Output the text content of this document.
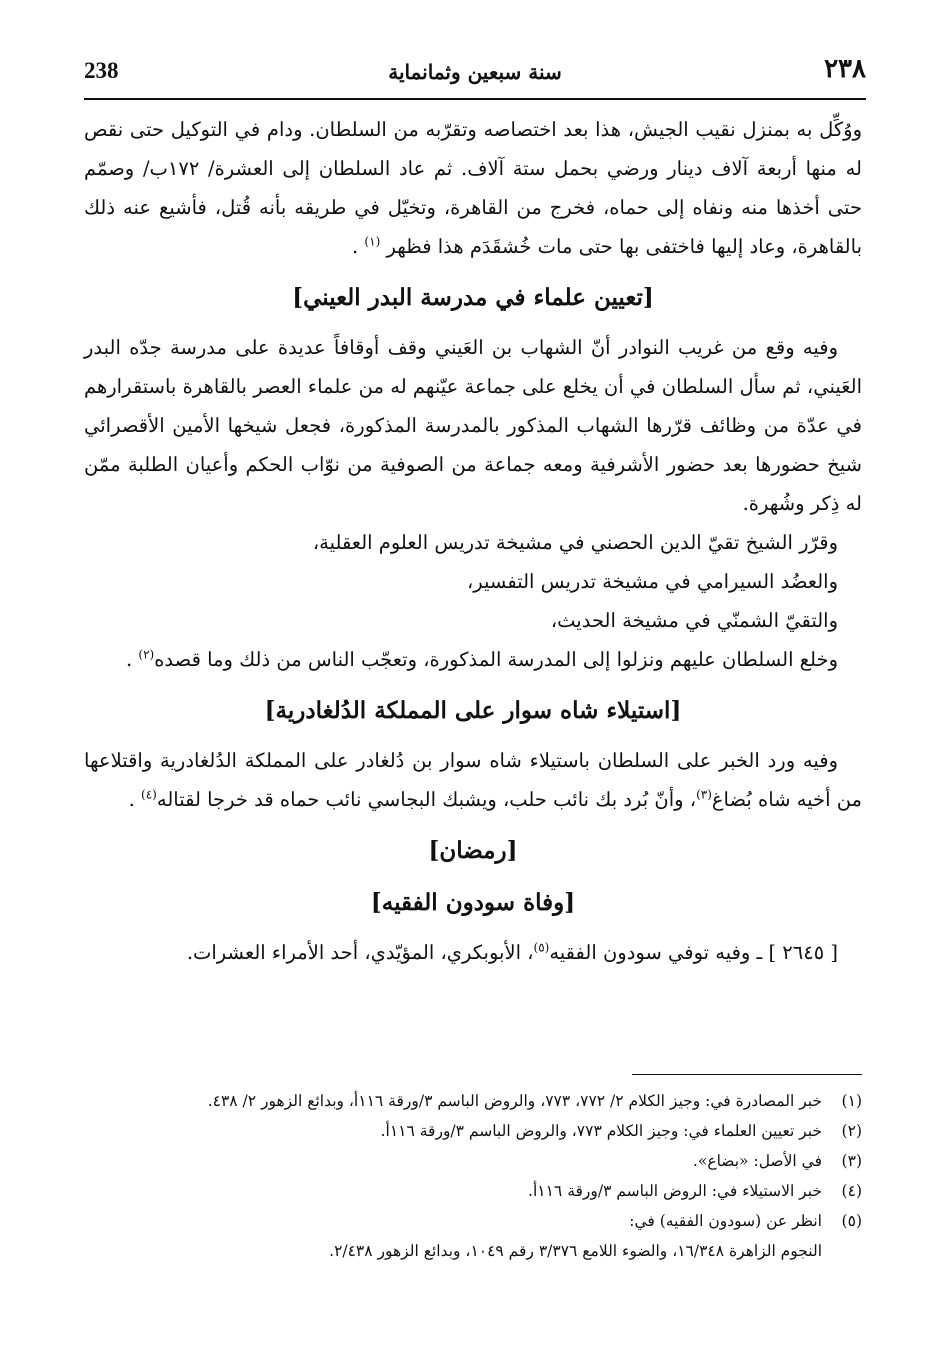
238	سنة سبعين وثمانماية	٢٣٨

ووُكِّل به بمنزل نقيب الجيش، هذا بعد اختصاصه وتقرّبه من السلطان. ودام في التوكيل حتى نقص له منها أربعة آلاف دينار ورضي بحمل ستة آلاف. ثم عاد السلطان إلى العشرة/ ١٧٢ب/ وصمّم حتى أخذها منه ونفاه إلى حماه، فخرج من القاهرة، وتخيّل في طريقه بأنه قُتل، فأشيع عنه ذلك بالقاهرة، وعاد إليها فاختفى بها حتى مات خُشقَدَم هذا فظهر $^{(١)}$ .

[تعيين علماء في مدرسة البدر العيني]

وفيه وقع من غريب النوادر أنّ الشهاب بن العَيني وقف أوقافاً عديدة على مدرسة جدّه البدر العَيني، ثم سأل السلطان في أن يخلع على جماعة عيّنهم له من علماء العصر بالقاهرة باستقرارهم في عدّة من وظائف قرّرها الشهاب المذكور بالمدرسة المذكورة، فجعل شيخها الأمين الأقصرائي شيخ حضورها بعد حضور الأشرفية ومعه جماعة من الصوفية من نوّاب الحكم وأعيان الطلبة ممّن له ذِكر وشُهرة.

وقرّر الشيخ تقيّ الدين الحصني في مشيخة تدريس العلوم العقلية،

والعضُد السيرامي في مشيخة تدريس التفسير،

والتقيّ الشمنّي في مشيخة الحديث،

وخلع السلطان عليهم ونزلوا إلى المدرسة المذكورة، وتعجّب الناس من ذلك وما قصده$^{(٢)}$ .

[استيلاء شاه سوار على المملكة الدُلغادرية]

وفيه ورد الخبر على السلطان باستيلاء شاه سوار بن دُلغادر على المملكة الدُلغادرية واقتلاعها من أخيه شاه بُضاغ$^{(٣)}$، وأنّ بُرد بك نائب حلب، ويشبك البجاسي نائب حماه قد خرجا لقتاله$^{(٤)}$ .

[رمضان]
[وفاة سودون الفقيه]

[ ٢٦٤٥ ] ـ وفيه توفي سودون الفقيه$^{(٥)}$، الأبوبكري، المؤيّدي، أحد الأمراء العشرات.

(١)
خبر المصادرة في: وجيز الكلام ٢/ ٧٧٢، ٧٧٣، والروض الباسم ٣/ورقة ١١٦أ، وبدائع الزهور ٢/ ٤٣٨.
(٢)
خبر تعيين العلماء في: وجيز الكلام ٧٧٣، والروض الباسم ٣/ورقة ١١٦أ.
(٣)
في الأصل: «بضاع».
(٤)
خبر الاستيلاء في: الروض الباسم ٣/ورقة ١١٦أ.
(٥)
انظر عن (سودون الفقيه) في:
النجوم الزاهرة ١٦/٣٤٨، والضوء اللامع ٣/٣٧٦ رقم ١٠٤٩، وبدائع الزهور ٢/٤٣٨.
